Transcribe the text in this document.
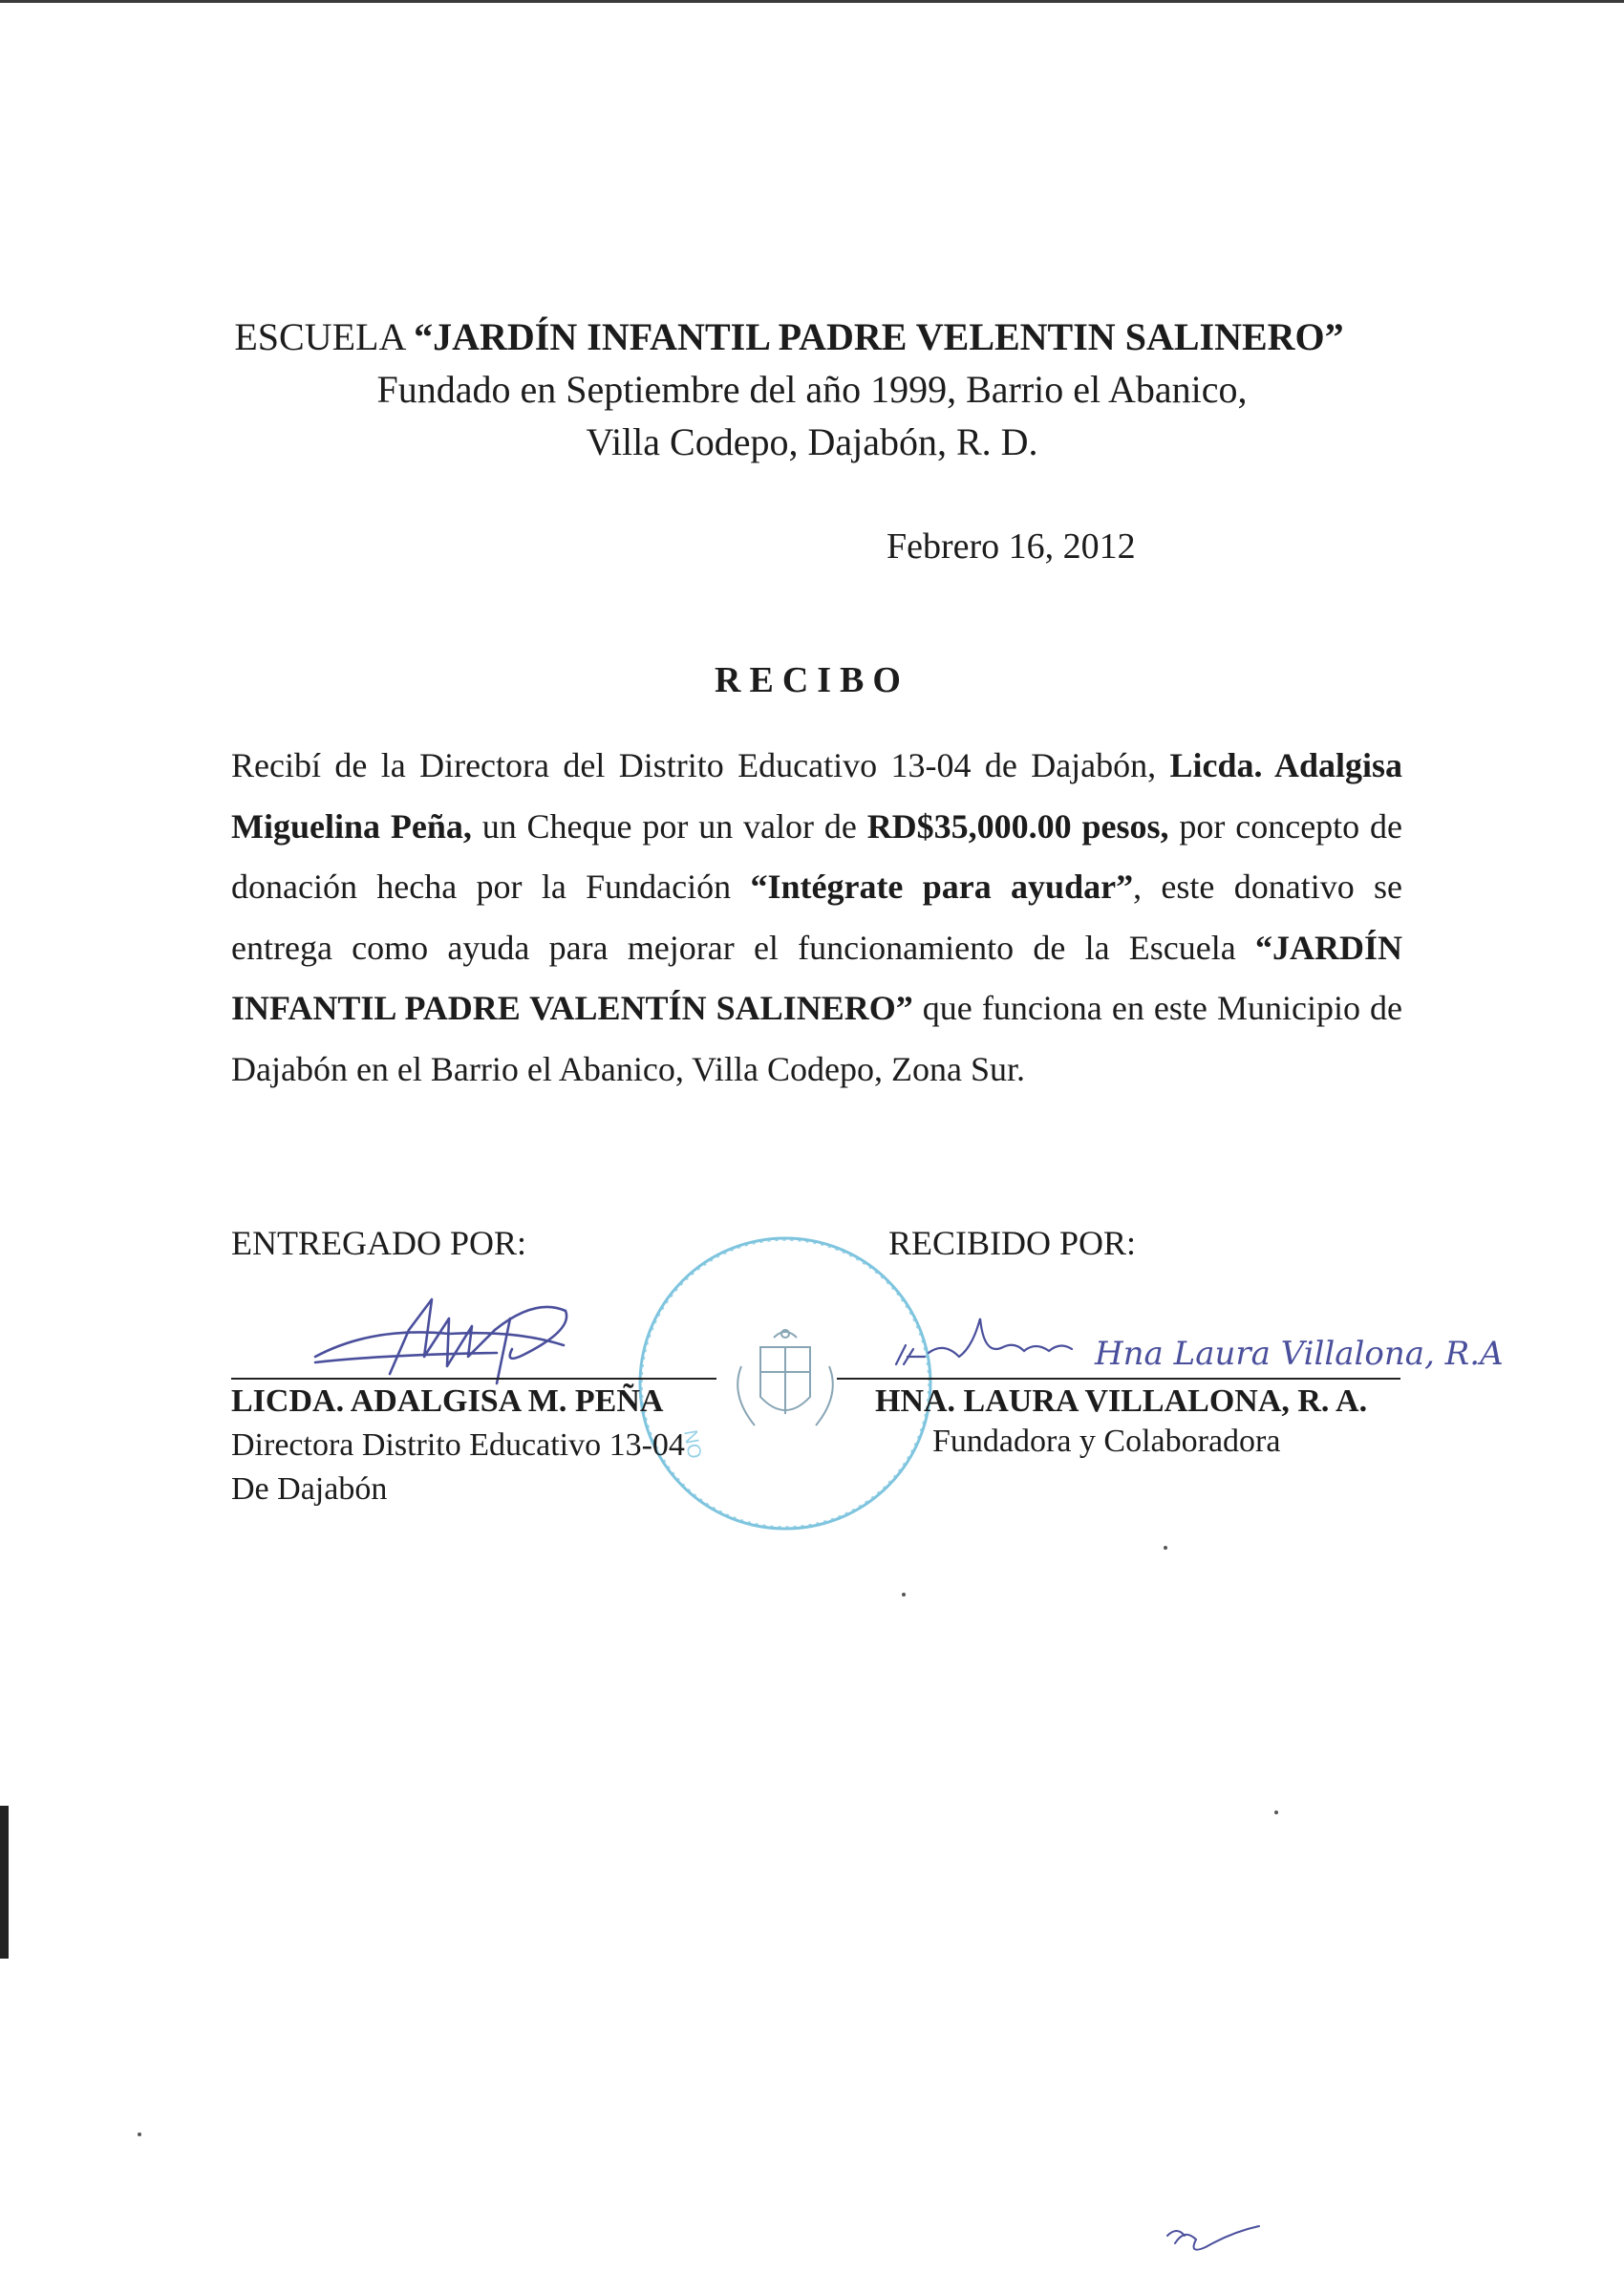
ESCUELA “JARDÍN INFANTIL PADRE VELENTIN SALINERO”
Fundado en Septiembre del año 1999, Barrio el Abanico,
Villa Codepo, Dajabón, R. D.
Febrero 16, 2012
RECIBO
Recibí de la Directora del Distrito Educativo 13-04 de Dajabón, Licda. Adalgisa Miguelina Peña, un Cheque por un valor de RD$35,000.00 pesos, por concepto de donación hecha por la Fundación “Intégrate para ayudar”, este donativo se entrega como ayuda para mejorar el funcionamiento de la Escuela “JARDÍN INFANTIL PADRE VALENTÍN SALINERO” que funciona en este Municipio de Dajabón en el Barrio el Abanico, Villa Codepo, Zona Sur.
ENTREGADO POR:	RECIBIDO POR:
NO
Hna Laura Villalona, R.A
LICDA. ADALGISA M. PEÑA
Directora Distrito Educativo 13-04
De Dajabón
HNA. LAURA VILLALONA, R. A.
Fundadora y Colaboradora
